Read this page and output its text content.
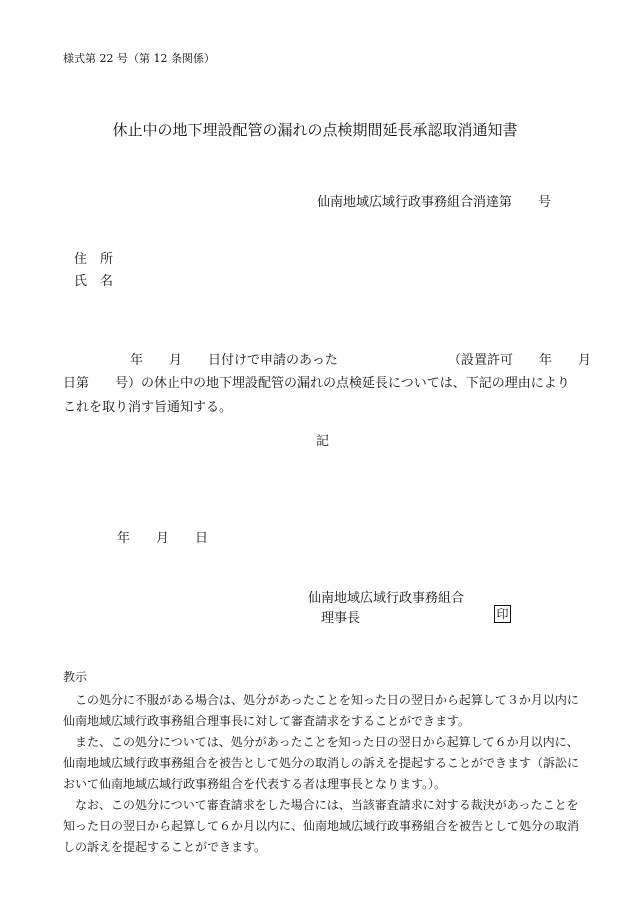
様式第 22 号（第 12 条関係）
休止中の地下埋設配管の漏れの点検期間延長承認取消通知書
仙南地域広域行政事務組合消達第　　号
住　所
氏　名
年　　月　　日付けで申請のあった	（設置許可　　年　　月
日第　　号）の休止中の地下埋設配管の漏れの点検延長については、下記の理由により
これを取り消す旨通知する。
記
年　　月　　日
仙南地域広域行政事務組合
理事長	印
教示
この処分に不服がある場合は、処分があったことを知った日の翌日から起算して３か月以内に
仙南地域広域行政事務組合理事長に対して審査請求をすることができます。
また、この処分については、処分があったことを知った日の翌日から起算して６か月以内に、
仙南地域広域行政事務組合を被告として処分の取消しの訴えを提起することができます（訴訟に
おいて仙南地域広域行政事務組合を代表する者は理事長となります。）。
なお、この処分について審査請求をした場合には、当該審査請求に対する裁決があったことを
知った日の翌日から起算して６か月以内に、仙南地域広域行政事務組合を被告として処分の取消
しの訴えを提起することができます。
